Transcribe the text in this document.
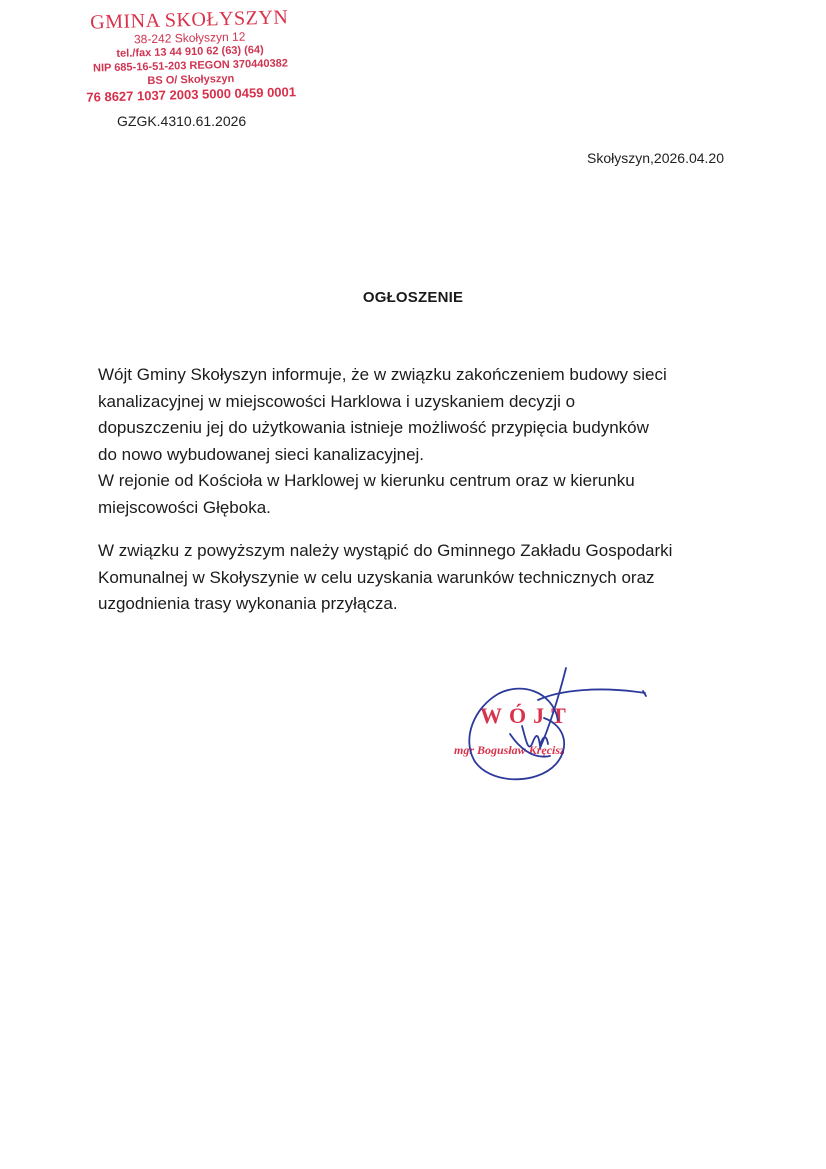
GMINA SKOŁYSZYN
38-242 Skołyszyn 12
tel./fax 13 44 910 62 (63) (64)
NIP 685-16-51-203 REGON 370440382
BS O/ Skołyszyn
76 8627 1037 2003 5000 0459 0001
GZGK.4310.61.2026
Skołyszyn,2026.04.20
OGŁOSZENIE
Wójt Gminy Skołyszyn informuje, że w związku zakończeniem budowy sieci
kanalizacyjnej w miejscowości Harklowa i uzyskaniem decyzji o
dopuszczeniu jej do użytkowania istnieje możliwość przypięcia budynków
do nowo wybudowanej sieci kanalizacyjnej.
W rejonie od Kościoła w Harklowej w kierunku centrum oraz w kierunku
miejscowości Głęboka.
W związku z powyższym należy wystąpić do Gminnego Zakładu Gospodarki
Komunalnej w Skołyszynie w celu uzyskania warunków technicznych oraz
uzgodnienia trasy wykonania przyłącza.
WÓJT
mgr Bogusław Kręcisz
